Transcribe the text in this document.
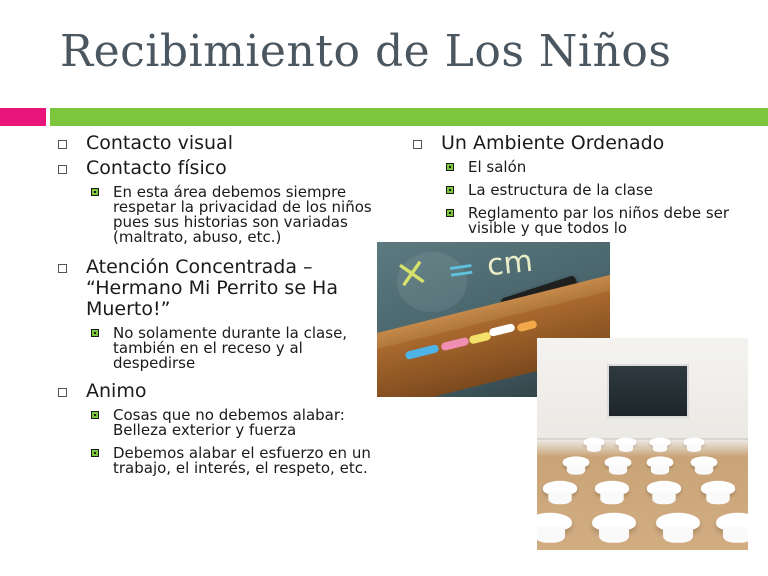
Recibimiento de Los Niños
Contacto visual
Contacto físico
En esta área debemos siempre respetar la privacidad de los niños pues sus historias son variadas (maltrato, abuso, etc.)
Atención Concentrada – “Hermano Mi Perrito se Ha Muerto!”
No solamente durante la clase, también en el receso y al despedirse
Animo
Cosas que no debemos alabar: Belleza exterior y fuerza
Debemos alabar el esfuerzo en un trabajo, el interés, el respeto, etc.
Un Ambiente Ordenado
El salón
La estructura de la clase
Reglamento par los niños debe ser visible y que todos lo
× = cm
